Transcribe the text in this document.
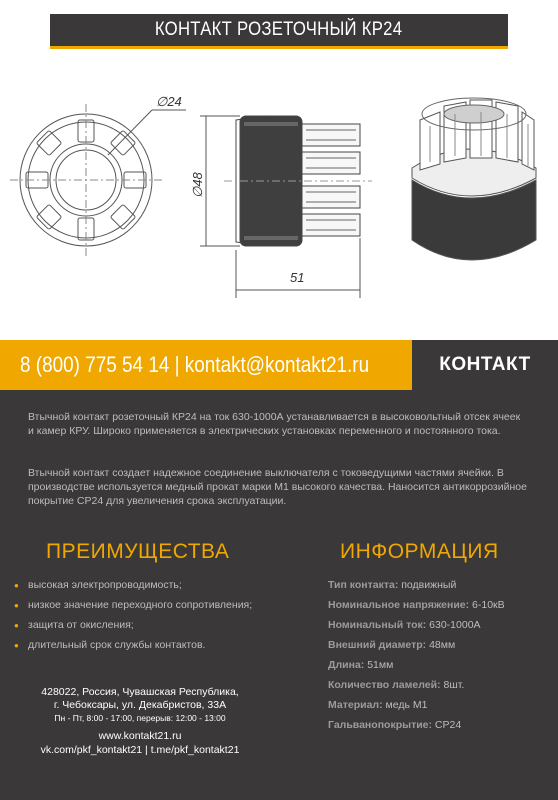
КОНТАКТ РОЗЕТОЧНЫЙ КР24
∅24
∅48
51
8 (800) 775 54 14 | kontakt@kontakt21.ru	КОНТАКТ
Втычной контакт розеточный КР24 на ток 630-1000А устанавливается в высоковольтный отсек ячеек и камер КРУ. Широко применяется в электрических установках переменного и постоянного тока.
Втычной контакт создает надежное соединение выключателя с токоведущими частями ячейки. В производстве используется медный прокат марки М1 высокого качества. Наносится антикоррозийное покрытие СР24 для увеличения срока эксплуатации.
ПРЕИМУЩЕСТВА	ИНФОРМАЦИЯ
● высокая электропроводимость;
● низкое значение переходного сопротивления;
● защита от окисления;
● длительный срок службы контактов.
Тип контакта: подвижный
Номинальное напряжение: 6-10кВ
Номинальный ток: 630-1000А
Внешний диаметр: 48мм
Длина: 51мм
Количество ламелей: 8шт.
Материал: медь М1
Гальванопокрытие: СР24
428022, Россия, Чувашская Республика,
г. Чебоксары, ул. Декабристов, 33А
Пн - Пт, 8:00 - 17:00, перерыв: 12:00 - 13:00
www.kontakt21.ru
vk.com/pkf_kontakt21 | t.me/pkf_kontakt21
